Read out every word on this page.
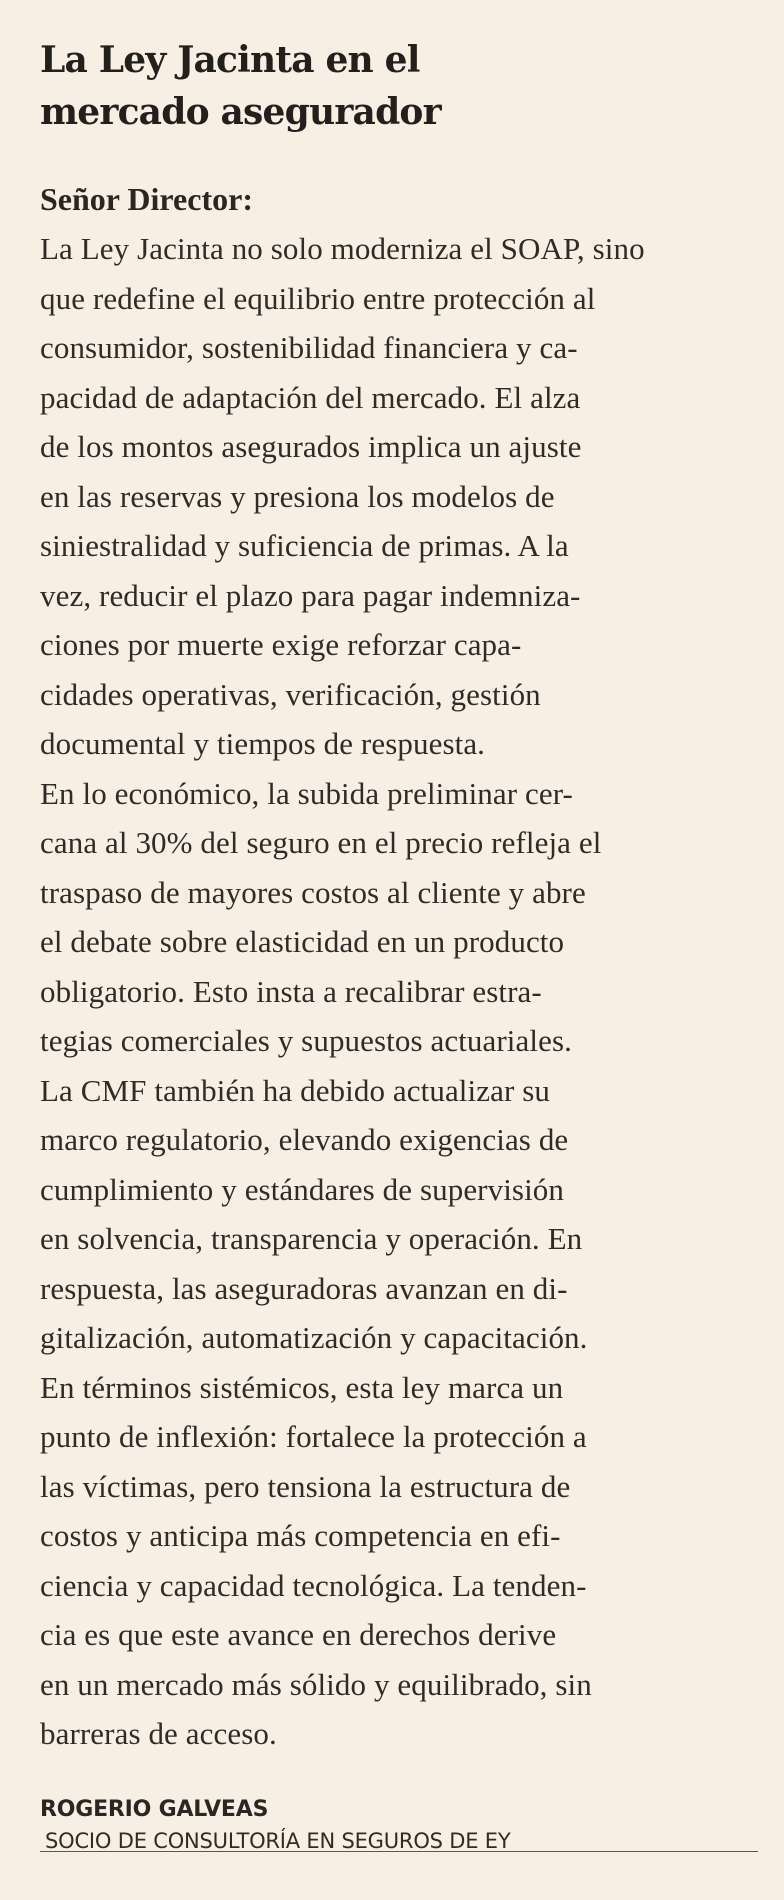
La Ley Jacinta en el
mercado asegurador
Señor Director:
La Ley Jacinta no solo moderniza el SOAP, sino
que redefine el equilibrio entre protección al
consumidor, sostenibilidad financiera y ca-
pacidad de adaptación del mercado. El alza
de los montos asegurados implica un ajuste
en las reservas y presiona los modelos de
siniestralidad y suficiencia de primas. A la
vez, reducir el plazo para pagar indemniza-
ciones por muerte exige reforzar capa-
cidades operativas, verificación, gestión
documental y tiempos de respuesta.
En lo económico, la subida preliminar cer-
cana al 30% del seguro en el precio refleja el
traspaso de mayores costos al cliente y abre
el debate sobre elasticidad en un producto
obligatorio. Esto insta a recalibrar estra-
tegias comerciales y supuestos actuariales.
La CMF también ha debido actualizar su
marco regulatorio, elevando exigencias de
cumplimiento y estándares de supervisión
en solvencia, transparencia y operación. En
respuesta, las aseguradoras avanzan en di-
gitalización, automatización y capacitación.
En términos sistémicos, esta ley marca un
punto de inflexión: fortalece la protección a
las víctimas, pero tensiona la estructura de
costos y anticipa más competencia en efi-
ciencia y capacidad tecnológica. La tenden-
cia es que este avance en derechos derive
en un mercado más sólido y equilibrado, sin
barreras de acceso.
ROGERIO GALVEAS
SOCIO DE CONSULTORÍA EN SEGUROS DE EY
